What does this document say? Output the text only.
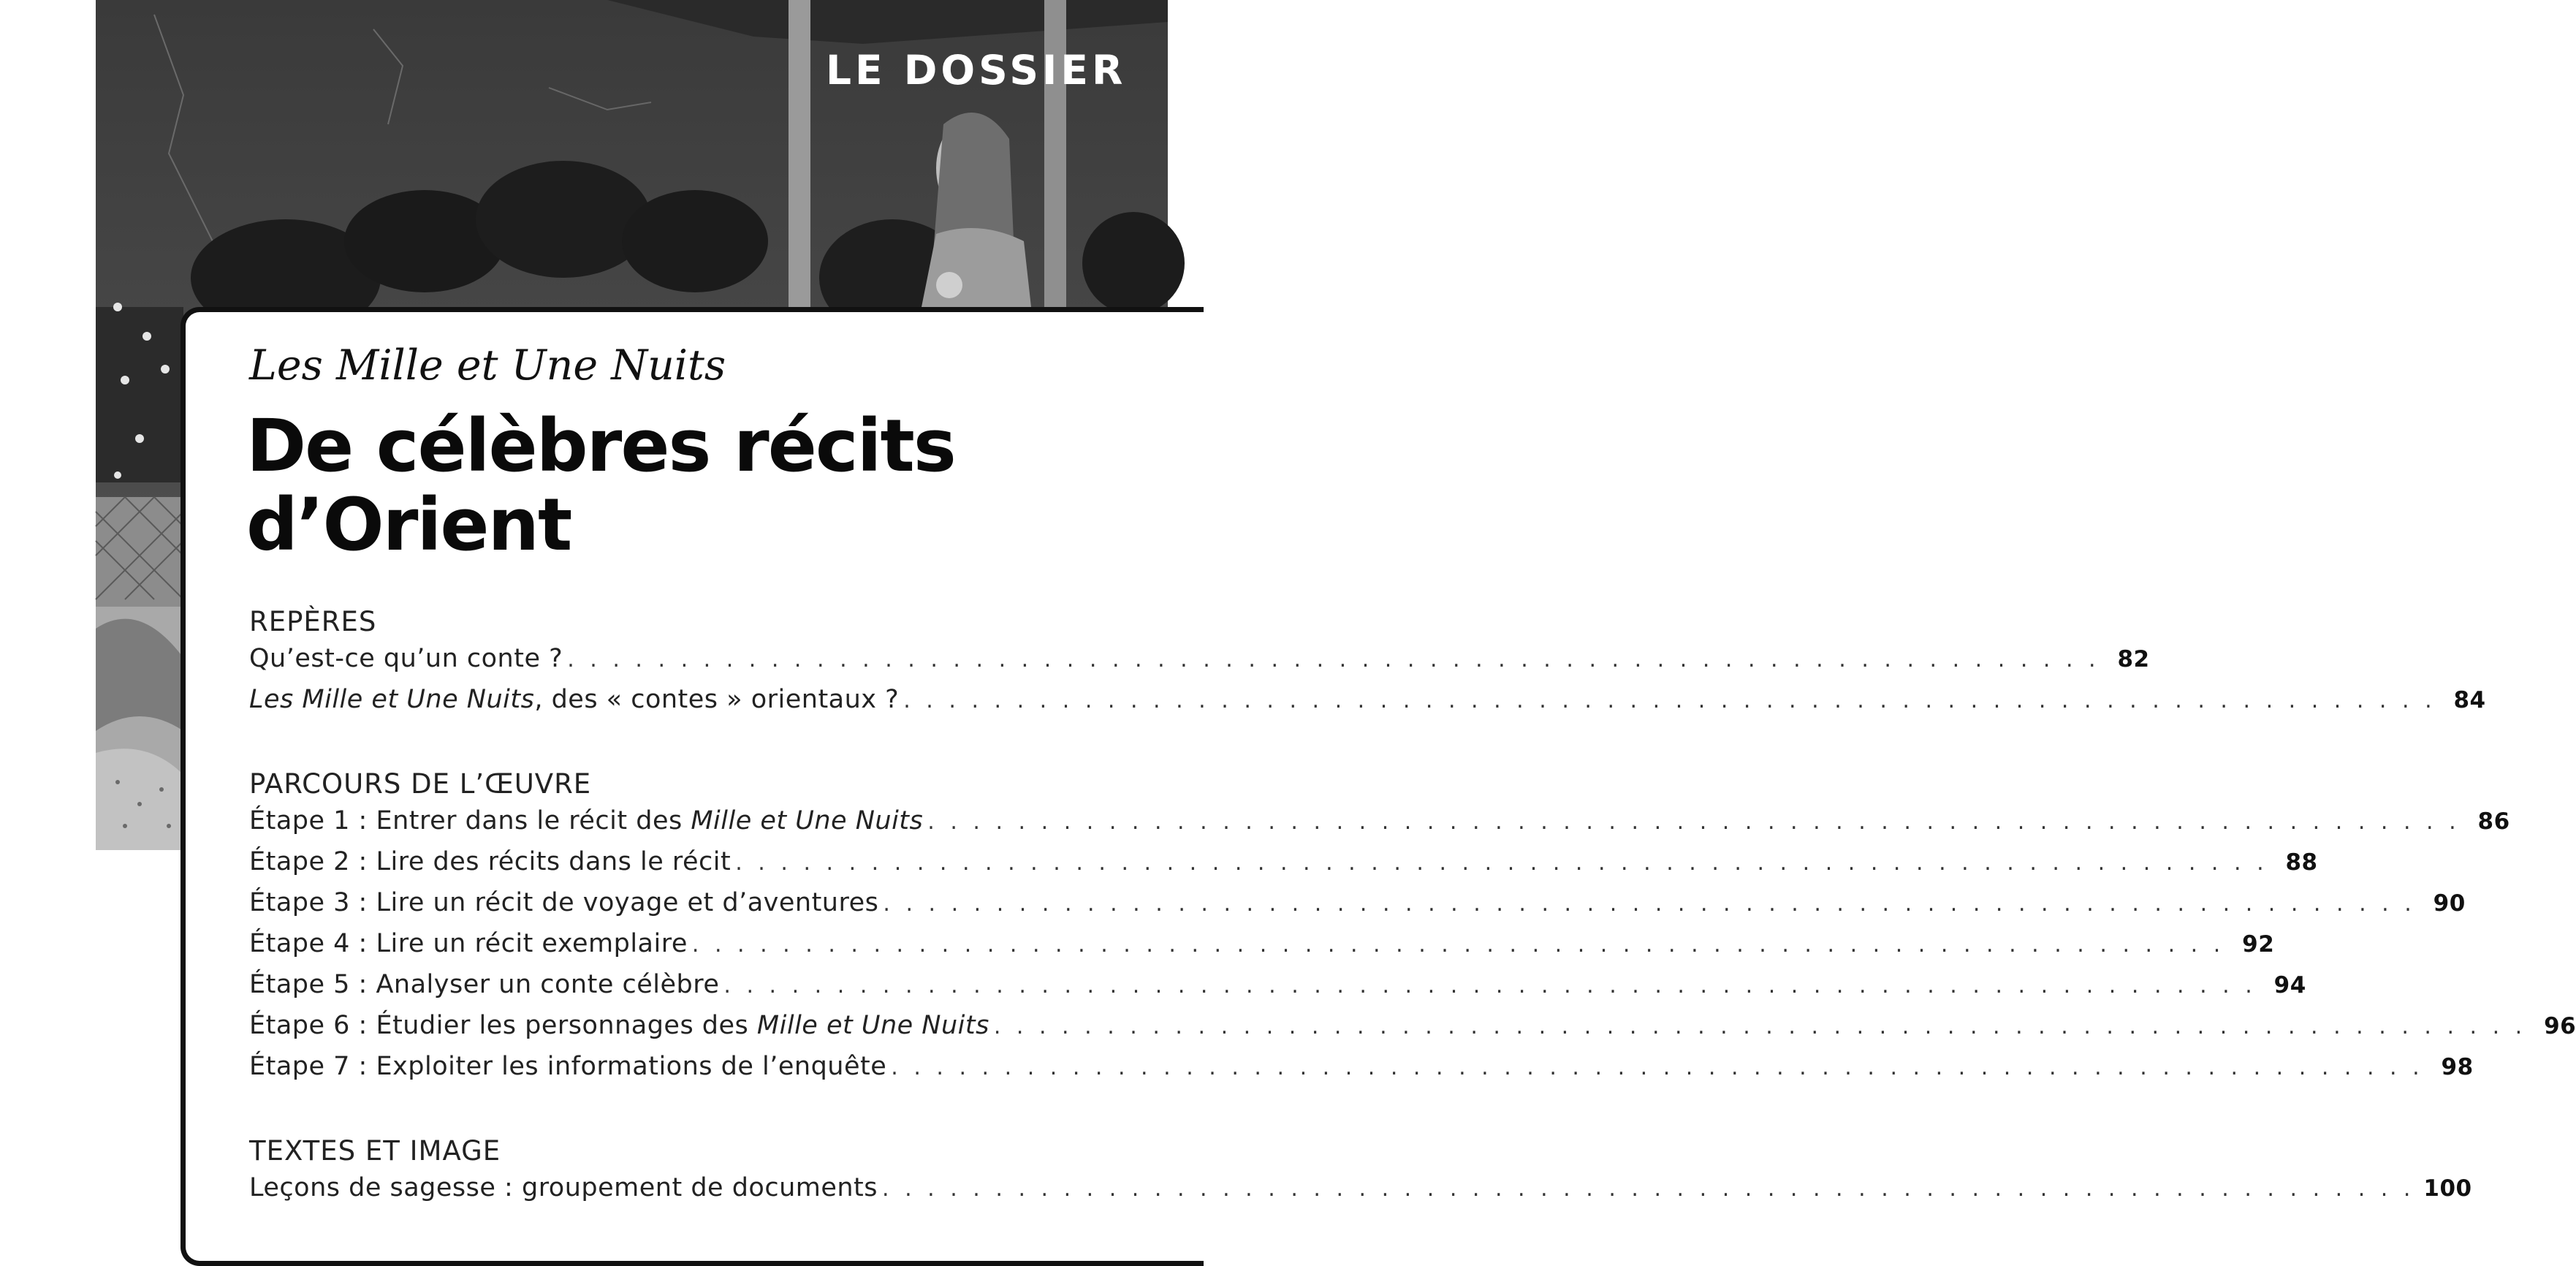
LE DOSSIER
Les Mille et Une Nuits
De célèbres récits
d’Orient
REPÈRES
Qu’est-ce qu’un conte ? . . . . . . . . . . . . . . . . . . . . . . . . . . . . . . . . . . . . . . . . . . . . . . . . . . . . . . . . . . . . . . . . . . . . 82
Les Mille et Une Nuits, des « contes » orientaux ? . . . . . . . . . . . . . . . . . . . . . . . . . . . . . . . . . . . . . . . . . . . . . . . . . . . . . . . . . . . . . . . . . . . . 84
PARCOURS DE L’ŒUVRE
Étape 1 : Entrer dans le récit des Mille et Une Nuits . . . . . . . . . . . . . . . . . . . . . . . . . . . . . . . . . . . . . . . . . . . . . . . . . . . . . . . . . . . . . . . . . . . . 86
Étape 2 : Lire des récits dans le récit . . . . . . . . . . . . . . . . . . . . . . . . . . . . . . . . . . . . . . . . . . . . . . . . . . . . . . . . . . . . . . . . . . . . 88
Étape 3 : Lire un récit de voyage et d’aventures . . . . . . . . . . . . . . . . . . . . . . . . . . . . . . . . . . . . . . . . . . . . . . . . . . . . . . . . . . . . . . . . . . . . 90
Étape 4 : Lire un récit exemplaire . . . . . . . . . . . . . . . . . . . . . . . . . . . . . . . . . . . . . . . . . . . . . . . . . . . . . . . . . . . . . . . . . . . . 92
Étape 5 : Analyser un conte célèbre . . . . . . . . . . . . . . . . . . . . . . . . . . . . . . . . . . . . . . . . . . . . . . . . . . . . . . . . . . . . . . . . . . . . 94
Étape 6 : Étudier les personnages des Mille et Une Nuits . . . . . . . . . . . . . . . . . . . . . . . . . . . . . . . . . . . . . . . . . . . . . . . . . . . . . . . . . . . . . . . . . . . . 96
Étape 7 : Exploiter les informations de l’enquête . . . . . . . . . . . . . . . . . . . . . . . . . . . . . . . . . . . . . . . . . . . . . . . . . . . . . . . . . . . . . . . . . . . . 98
TEXTES ET IMAGE
Leçons de sagesse : groupement de documents . . . . . . . . . . . . . . . . . . . . . . . . . . . . . . . . . . . . . . . . . . . . . . . . . . . . . . . . . . . . . . . . . . . . 100
